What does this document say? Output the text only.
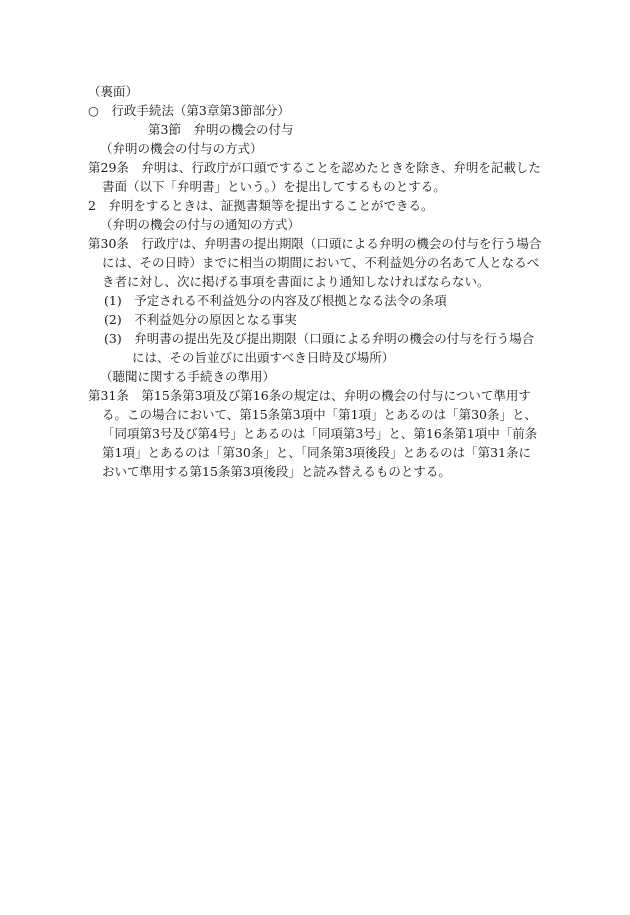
（裏面）
○　行政手続法（第3章第3節部分）
第3節　弁明の機会の付与
（弁明の機会の付与の方式）
第29条　弁明は、行政庁が口頭ですることを認めたときを除き、弁明を記載した書面（以下「弁明書」という。）を提出してするものとする。
2　弁明をするときは、証拠書類等を提出することができる。
（弁明の機会の付与の通知の方式）
第30条　行政庁は、弁明書の提出期限（口頭による弁明の機会の付与を行う場合には、その日時）までに相当の期間において、不利益処分の名あて人となるべき者に対し、次に掲げる事項を書面により通知しなければならない。
(1)　予定される不利益処分の内容及び根拠となる法令の条項
(2)　不利益処分の原因となる事実
(3)　弁明書の提出先及び提出期限（口頭による弁明の機会の付与を行う場合には、その旨並びに出頭すべき日時及び場所）
（聴聞に関する手続きの準用）
第31条　第15条第3項及び第16条の規定は、弁明の機会の付与について準用する。この場合において、第15条第3項中「第1項」とあるのは「第30条」と、「同項第3号及び第4号」とあるのは「同項第3号」と、第16条第1項中「前条第1項」とあるのは「第30条」と、「同条第3項後段」とあるのは「第31条において準用する第15条第3項後段」と読み替えるものとする。
